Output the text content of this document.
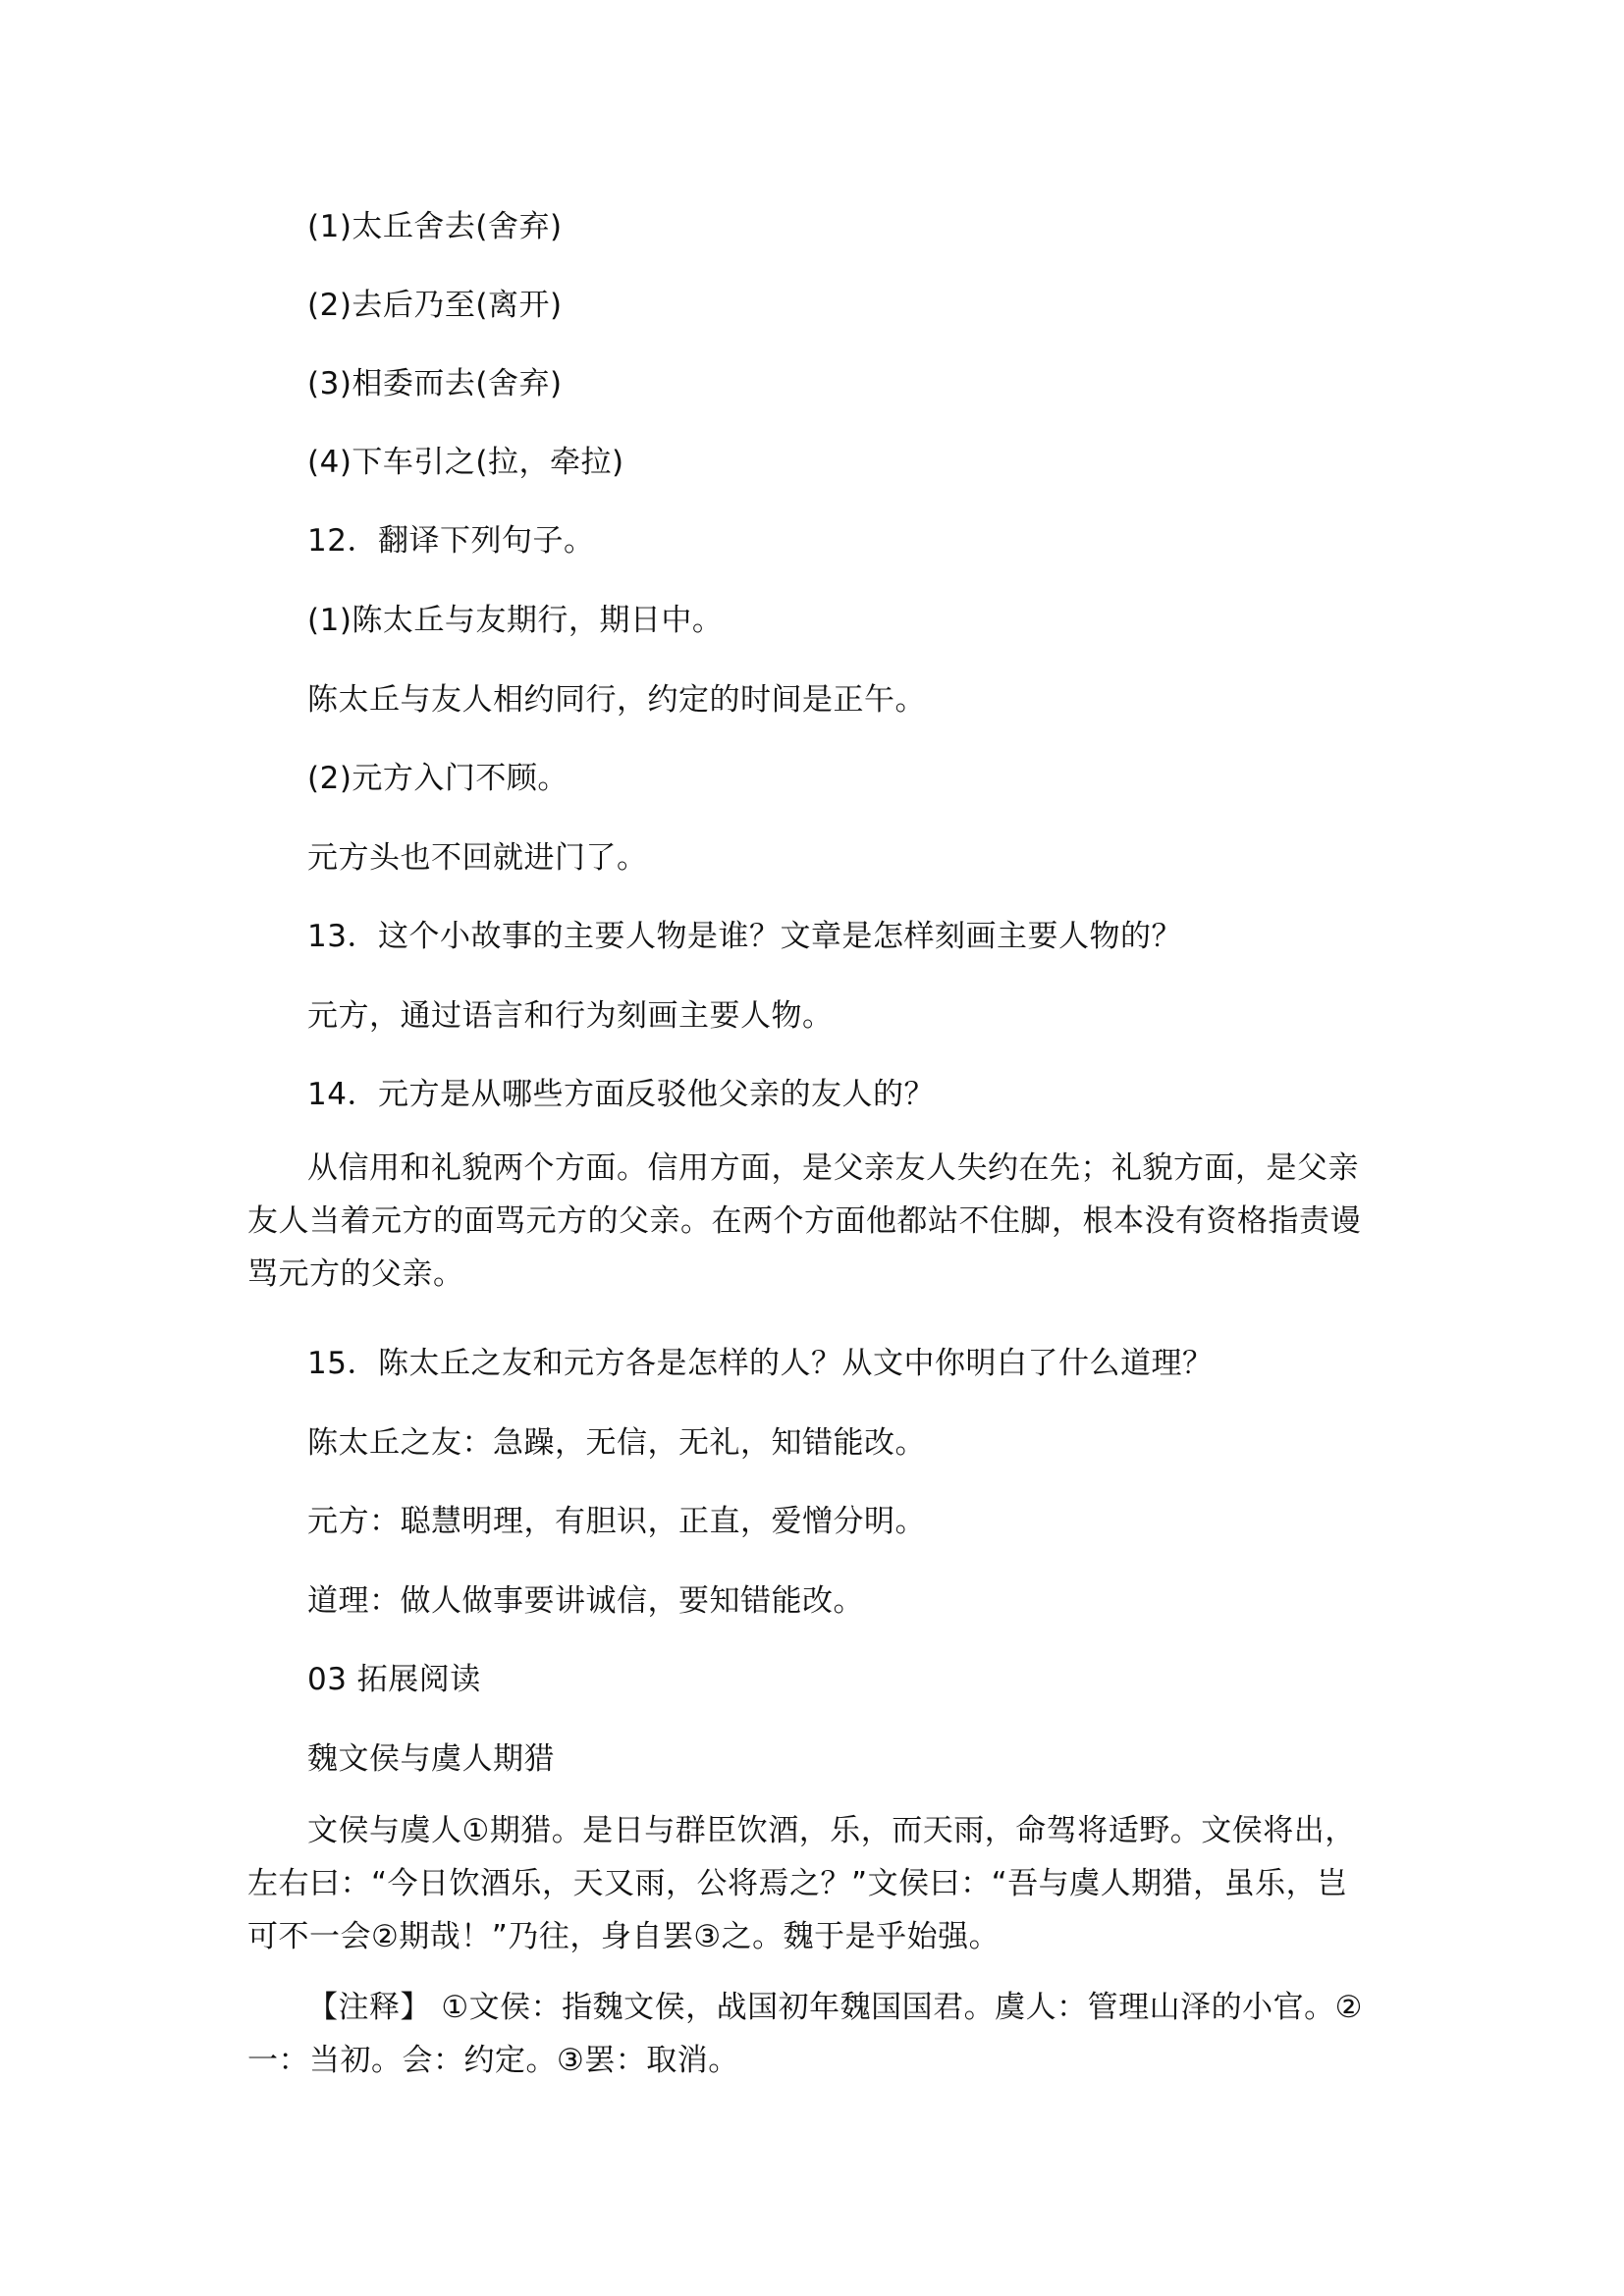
(1)太丘舍去(舍弃)
(2)去后乃至(离开)
(3)相委而去(舍弃)
(4)下车引之(拉，牵拉)
12．翻译下列句子。
(1)陈太丘与友期行，期日中。
陈太丘与友人相约同行，约定的时间是正午。
(2)元方入门不顾。
元方头也不回就进门了。
13．这个小故事的主要人物是谁？文章是怎样刻画主要人物的？
元方，通过语言和行为刻画主要人物。
14．元方是从哪些方面反驳他父亲的友人的？
从信用和礼貌两个方面。信用方面，是父亲友人失约在先；礼貌方面，是父亲友人当着元方的面骂元方的父亲。在两个方面他都站不住脚，根本没有资格指责谩骂元方的父亲。
15．陈太丘之友和元方各是怎样的人？从文中你明白了什么道理？
陈太丘之友：急躁，无信，无礼，知错能改。
元方：聪慧明理，有胆识，正直，爱憎分明。
道理：做人做事要讲诚信，要知错能改。
03 拓展阅读
魏文侯与虞人期猎
文侯与虞人①期猎。是日与群臣饮酒，乐，而天雨，命驾将适野。文侯将出，左右曰：“今日饮酒乐，天又雨，公将焉之？”文侯曰：“吾与虞人期猎，虽乐，岂可不一会②期哉！”乃往，身自罢③之。魏于是乎始强。
【注释】 ①文侯：指魏文侯，战国初年魏国国君。虞人：管理山泽的小官。②一：当初。会：约定。③罢：取消。
